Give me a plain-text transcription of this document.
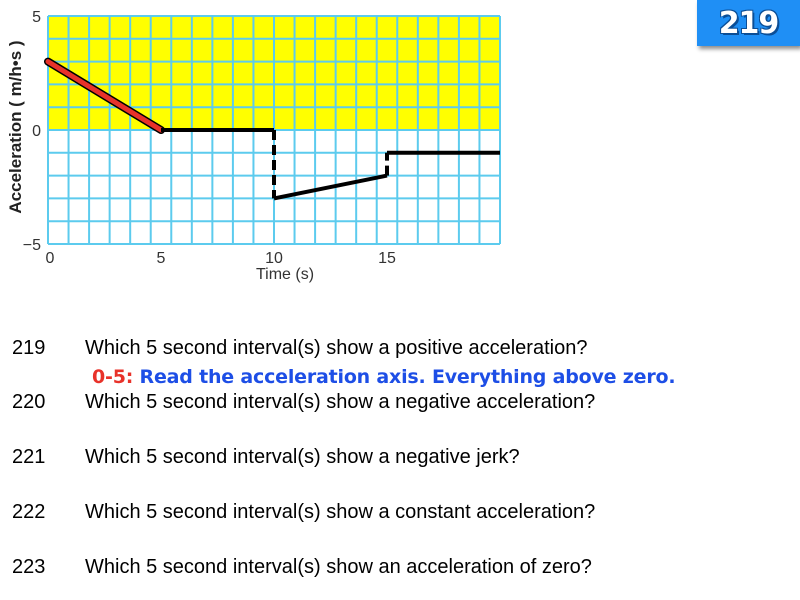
0	5	10	15
5
0
−5
Time (s)
Acceleration ( m/h•s )
219
219 Which 5 second interval(s) show a positive acceleration?
0-5: Read the acceleration axis. Everything above zero.
220 Which 5 second interval(s) show a negative acceleration?
221 Which 5 second interval(s) show a negative jerk?
222 Which 5 second interval(s) show a constant acceleration?
223 Which 5 second interval(s) show an acceleration of zero?
